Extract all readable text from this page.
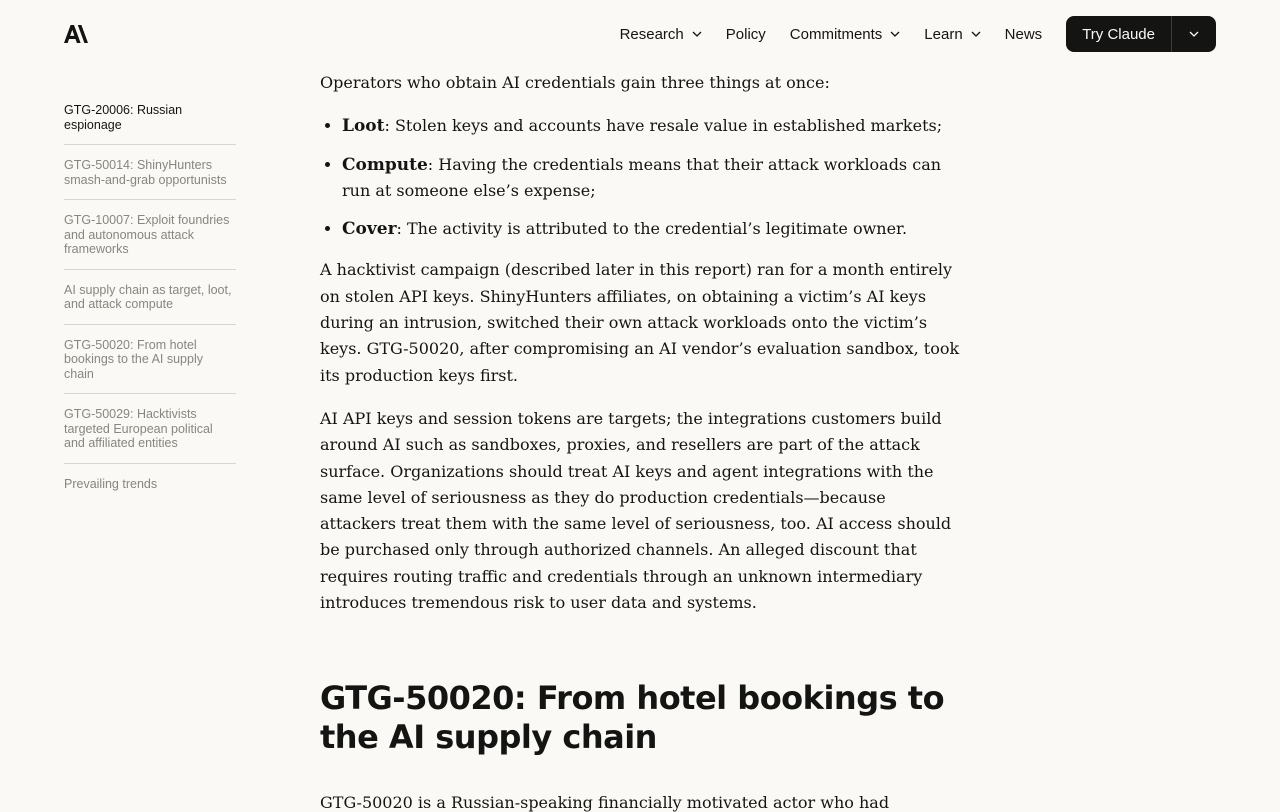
Research	Policy Commitments	Learn	News	Try Claude
GTG-20006: Russian espionage
GTG-50014: ShinyHunters smash-and-grab opportunists
GTG-10007: Exploit foundries and autonomous attack frameworks
AI supply chain as target, loot, and attack compute
GTG-50020: From hotel bookings to the AI supply chain
GTG-50029: Hacktivists targeted European political and affiliated entities
Prevailing trends

Operators who obtain AI credentials gain three things at once:

• Loot: Stolen keys and accounts have resale value in established markets;
• Compute: Having the credentials means that their attack workloads can run at someone else’s expense;
• Cover: The activity is attributed to the credential’s legitimate owner.

A hacktivist campaign (described later in this report) ran for a month entirely on stolen API keys. ShinyHunters affiliates, on obtaining a victim’s AI keys during an intrusion, switched their own attack workloads onto the victim’s keys. GTG-50020, after compromising an AI vendor’s evaluation sandbox, took its production keys first.

AI API keys and session tokens are targets; the integrations customers build around AI such as sandboxes, proxies, and resellers are part of the attack surface. Organizations should treat AI keys and agent integrations with the same level of seriousness as they do production credentials—because attackers treat them with the same level of seriousness, too. AI access should be purchased only through authorized channels. An alleged discount that requires routing traffic and credentials through an unknown intermediary introduces tremendous risk to user data and systems.

GTG-50020: From hotel bookings to the AI supply chain
GTG-50020 is a Russian-speaking financially motivated actor who had
